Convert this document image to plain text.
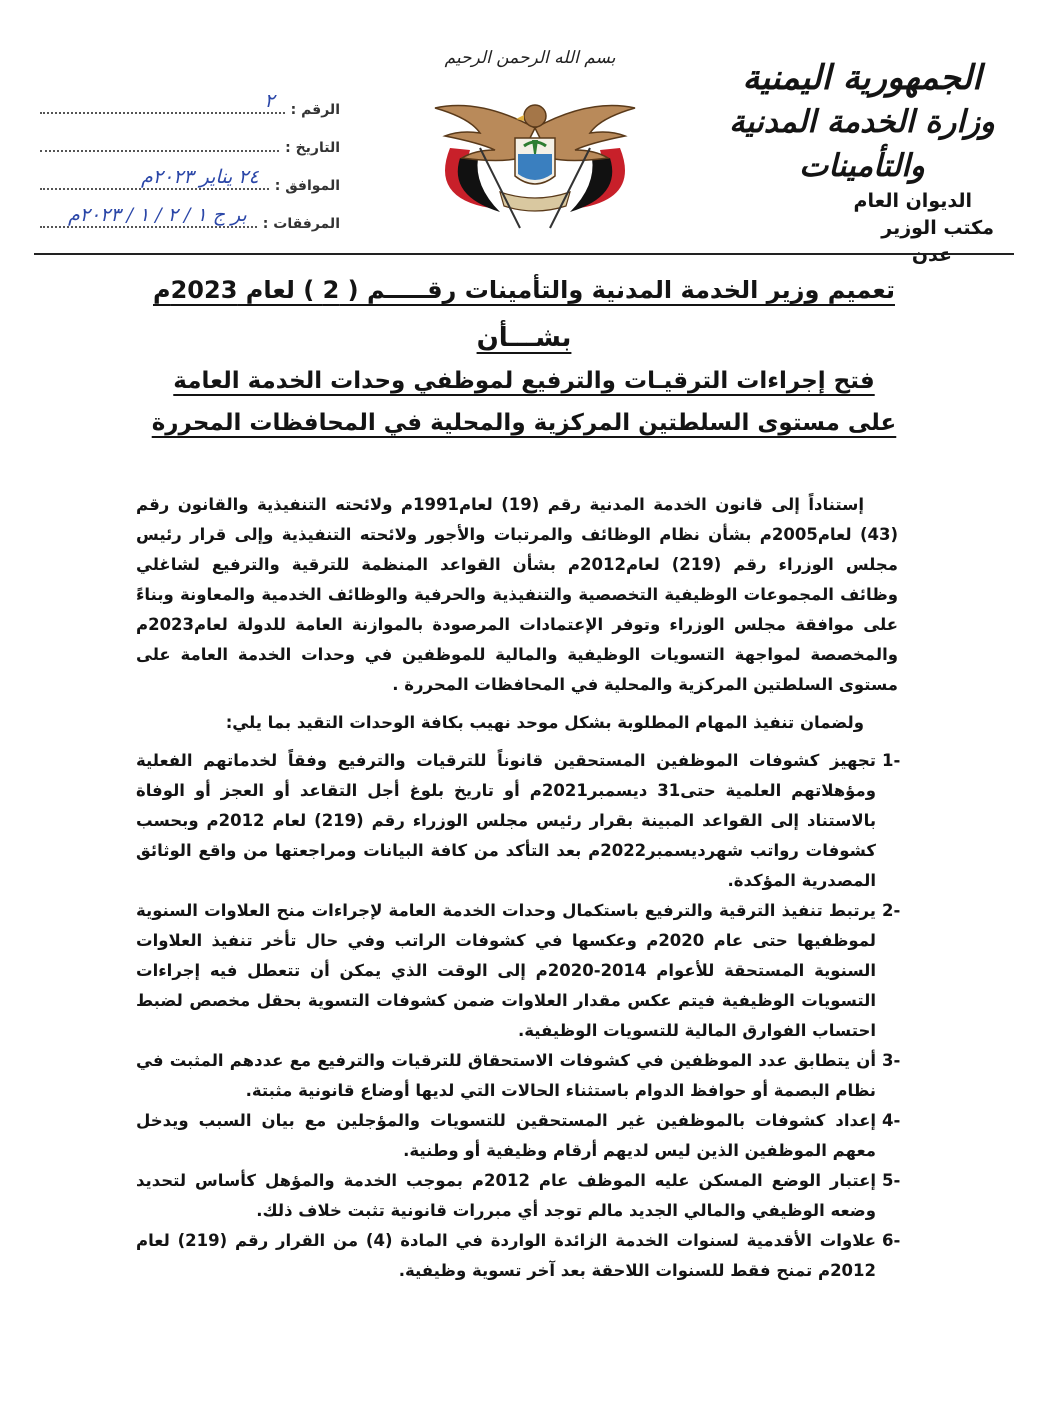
الجمهورية اليمنية

وزارة الخدمة المدنية والتأمينات

الديوان العام

مكتب الوزير

عدن

بسم الله الرحمن الرحيم
الرقم :
٢
التاريخ :
الموافق :
٢٤ يناير ٢٠٢٣م
المرفقات :
بر ج ١ / ٢ / ١ / ٢٠٢٣م
تعميم وزير الخدمة المدنية والتأمينات رقـــــم ( 2 ) لعام 2023م
بشـــأن
فتح إجراءات الترقيـات والترفيع لموظفي وحدات الخدمة العامة
على مستوى السلطتين المركزية والمحلية في المحافظات المحررة

إستناداً إلى قانون الخدمة المدنية رقم (19) لعام1991م ولائحته التنفيذية والقانون رقم (43) لعام2005م بشأن نظام الوظائف والمرتبات والأجور ولائحته التنفيذية وإلى قرار رئيس مجلس الوزراء رقم (219) لعام2012م بشأن القواعد المنظمة للترقية والترفيع لشاغلي وظائف المجموعات الوظيفية التخصصية والتنفيذية والحرفية والوظائف الخدمية والمعاونة وبناءً على موافقة مجلس الوزراء وتوفر الإعتمادات المرصودة بالموازنة العامة للدولة لعام2023م والمخصصة لمواجهة التسويات الوظيفية والمالية للموظفين في وحدات الخدمة العامة على مستوى السلطتين المركزية والمحلية في المحافظات المحررة .

ولضمان تنفيذ المهام المطلوبة بشكل موحد نهيب بكافة الوحدات التقيد بما يلي:

1-
تجهيز كشوفات الموظفين المستحقين قانوناً للترقيات والترفيع وفقاً لخدماتهم الفعلية ومؤهلاتهم العلمية حتى31 ديسمبر2021م أو تاريخ بلوغ أجل التقاعد أو العجز أو الوفاة بالاستناد إلى القواعد المبينة بقرار رئيس مجلس الوزراء رقم (219) لعام 2012م وبحسب كشوفات رواتب شهرديسمبر2022م بعد التأكد من كافة البيانات ومراجعتها من واقع الوثائق المصدرية المؤكدة.
2-
يرتبط تنفيذ الترقية والترفيع باستكمال وحدات الخدمة العامة لإجراءات منح العلاوات السنوية لموظفيها حتى عام 2020م وعكسها في كشوفات الراتب وفي حال تأخر تنفيذ العلاوات السنوية المستحقة للأعوام 2014-2020م إلى الوقت الذي يمكن أن تتعطل فيه إجراءات التسويات الوظيفية فيتم عكس مقدار العلاوات ضمن كشوفات التسوية بحقل مخصص لضبط احتساب الفوارق المالية للتسويات الوظيفية.
3-
أن يتطابق عدد الموظفين في كشوفات الاستحقاق للترقيات والترفيع مع عددهم المثبت في نظام البصمة أو حوافظ الدوام باستثناء الحالات التي لديها أوضاع قانونية مثبتة.
4-
إعداد كشوفات بالموظفين غير المستحقين للتسويات والمؤجلين مع بيان السبب ويدخل معهم الموظفين الذين ليس لديهم أرقام وظيفية أو وطنية.
5-
إعتبار الوضع المسكن عليه الموظف عام 2012م بموجب الخدمة والمؤهل كأساس لتحديد وضعه الوظيفي والمالي الجديد مالم توجد أي مبررات قانونية تثبت خلاف ذلك.
6-
علاوات الأقدمية لسنوات الخدمة الزائدة الواردة في المادة (4) من القرار رقم (219) لعام 2012م تمنح فقط للسنوات اللاحقة بعد آخر تسوية وظيفية.
